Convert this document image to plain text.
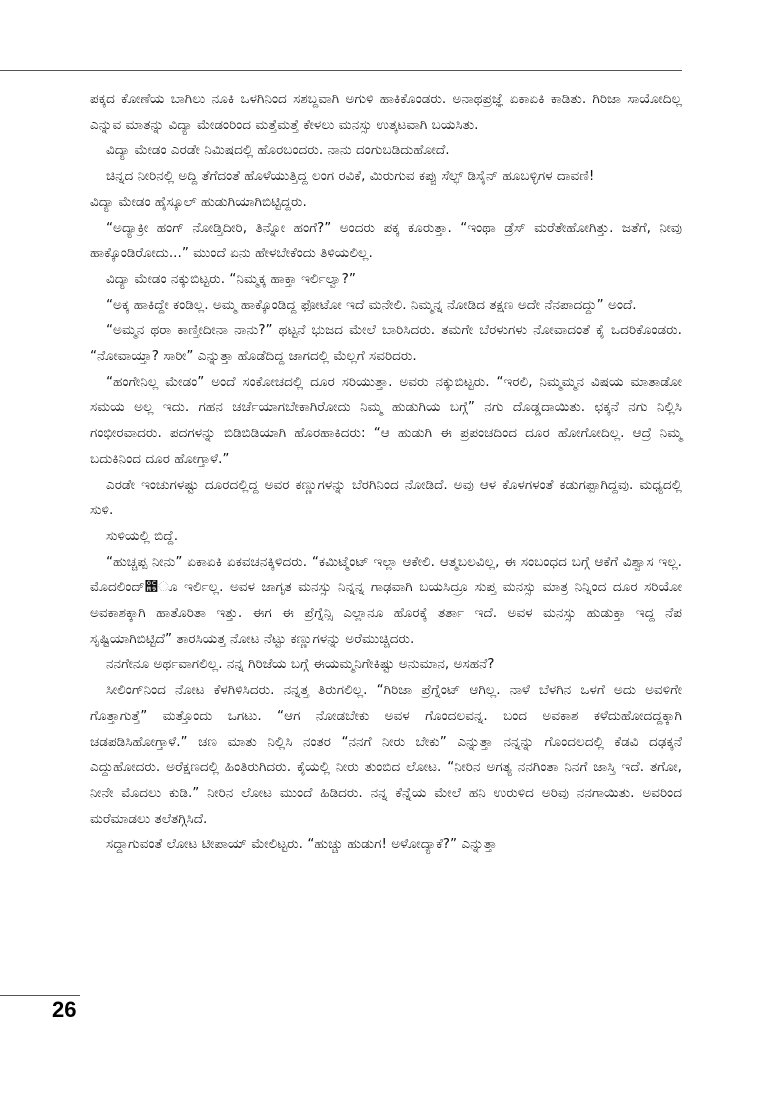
ಪಕ್ಕದ ಕೋಣೆಯ ಬಾಗಿಲು ನೂಕಿ ಒಳಗಿನಿಂದ ಸಶಬ್ದವಾಗಿ ಅಗುಳಿ ಹಾಕಿಕೊಂಡರು. ಅನಾಥಪ್ರಜ್ಞೆ ಏಕಾಏಕಿ ಕಾಡಿತು. ಗಿರಿಜಾ ಸಾಯೋದಿಲ್ಲ ಎನ್ನುವ ಮಾತನ್ನು ವಿದ್ಯಾ ಮೇಡಂರಿಂದ ಮತ್ತೆಮತ್ತೆ ಕೇಳಲು ಮನಸ್ಸು ಉತ್ಕಟವಾಗಿ ಬಯಸಿತು.

ವಿದ್ಯಾ ಮೇಡಂ ಎರಡೇ ನಿಮಿಷದಲ್ಲಿ ಹೊರಬಂದರು. ನಾನು ದಂಗುಬಡಿದುಹೋದೆ.

ಚಿನ್ನದ ನೀರಿನಲ್ಲಿ ಅದ್ದಿ ತೆಗೆದಂತೆ ಹೊಳೆಯುತ್ತಿದ್ದ ಲಂಗ ರವಿಕೆ, ಮಿರುಗುವ ಕಪ್ಪು ಸೆಲ್ಫ್ ಡಿಸೈನ್ ಹೂಬಳ್ಳಿಗಳ ದಾವಣಿ!

ವಿದ್ಯಾ ಮೇಡಂ ಹೈಸ್ಕೂಲ್ ಹುಡುಗಿಯಾಗಿಬಿಟ್ಟಿದ್ದರು.

“ಅದ್ಯಾಕ್ರೀ ಹಂಗ್ ನೋಡ್ತಿದೀರಿ, ತಿನ್ನೋ ಹಂಗೆ?” ಅಂದರು ಪಕ್ಕ ಕೂರುತ್ತಾ. “ಇಂಥಾ ಡ್ರೆಸ್ ಮರೆತೇಹೋಗಿತ್ತು. ಜತೆಗೆ, ನೀವು ಹಾಕ್ಕೊಂಡಿರೋದು...” ಮುಂದೆ ಏನು ಹೇಳಬೇಕೆಂದು ತಿಳಿಯಲಿಲ್ಲ.

ವಿದ್ಯಾ ಮೇಡಂ ನಕ್ಕುಬಿಟ್ಟರು. “ನಿಮ್ಮಕ್ಕ ಹಾಕ್ತಾ ಇರ್ಲಿಲ್ವಾ?”

“ಅಕ್ಕ ಹಾಕಿದ್ದೇ ಕಂಡಿಲ್ಲ. ಅಮ್ಮ ಹಾಕ್ಕೊಂಡಿದ್ದ ಫೋಟೋ ಇದೆ ಮನೇಲಿ. ನಿಮ್ಮನ್ನ ನೋಡಿದ ತಕ್ಷಣ ಅದೇ ನೆನಪಾದದ್ದು” ಅಂದೆ.

“ಅಮ್ಮನ ಥರಾ ಕಾಣ್ತೀದೀನಾ ನಾನು?” ಥಟ್ಟನೆ ಭುಜದ ಮೇಲೆ ಬಾರಿಸಿದರು. ತಮಗೇ ಬೆರಳುಗಳು ನೋವಾದಂತೆ ಕೈ ಒದರಿಕೊಂಡರು. “ನೋವಾಯ್ತಾ? ಸಾರೀ” ಎನ್ನುತ್ತಾ ಹೊಡೆದಿದ್ದ ಜಾಗದಲ್ಲಿ ಮೆಲ್ಲಗೆ ಸವರಿದರು.

“ಹಂಗೇನಿಲ್ಲ ಮೇಡಂ” ಅಂದೆ ಸಂಕೋಚದಲ್ಲಿ ದೂರ ಸರಿಯುತ್ತಾ. ಅವರು ನಕ್ಕುಬಿಟ್ಟರು. “ಇರಲಿ, ನಿಮ್ಮಮ್ಮನ ವಿಷಯ ಮಾತಾಡೋ ಸಮಯ ಅಲ್ಲ ಇದು. ಗಹನ ಚರ್ಚೆಯಾಗಬೇಕಾಗಿರೋದು ನಿಮ್ಮ ಹುಡುಗಿಯ ಬಗ್ಗೆ” ನಗು ದೊಡ್ಡದಾಯಿತು. ಛಕ್ಕನೆ ನಗು ನಿಲ್ಲಿಸಿ ಗಂಭೀರವಾದರು. ಪದಗಳನ್ನು ಬಿಡಿಬಿಡಿಯಾಗಿ ಹೊರಹಾಕಿದರು: “ಆ ಹುಡುಗಿ ಈ ಪ್ರಪಂಚದಿಂದ ದೂರ ಹೋಗೋದಿಲ್ಲ. ಆದ್ರೆ ನಿಮ್ಮ ಬದುಕಿನಿಂದ ದೂರ ಹೋಗ್ತಾಳೆ.”

ಎರಡೇ ಇಂಚುಗಳಷ್ಟು ದೂರದಲ್ಲಿದ್ದ ಅವರ ಕಣ್ಣುಗಳನ್ನು ಬೆರಗಿನಿಂದ ನೋಡಿದೆ. ಅವು ಆಳ ಕೊಳಗಳಂತೆ ಕಡುಗಪ್ಪಾಗಿದ್ದವು. ಮಧ್ಯದಲ್ಲಿ ಸುಳಿ.

ಸುಳಿಯಲ್ಲಿ ಬಿದ್ದೆ.

“ಹುಚ್ಚಪ್ಪ ನೀನು” ಏಕಾಏಕಿ ಏಕವಚನಕ್ಕಿಳಿದರು. “ಕಮಿಟ್ಮೆಂಟ್ ಇಲ್ಲಾ ಆಕೇಲಿ. ಆತ್ಮಬಲವಿಲ್ಲ, ಈ ಸಂಬಂಧದ ಬಗ್ಗೆ ಆಕೆಗೆ ವಿಶ್ವಾಸ ಇಲ್ಲ. ಮೊದಲಿಂದ್಩ೂ ಇರ್ಲಿಲ್ಲ. ಅವಳ ಜಾಗೃತ ಮನಸ್ಸು ನಿನ್ನನ್ನ ಗಾಢವಾಗಿ ಬಯಸಿದ್ರೂ ಸುಪ್ತ ಮನಸ್ಸು ಮಾತ್ರ ನಿನ್ನಿಂದ ದೂರ ಸರಿಯೋ ಅವಕಾಶಕ್ಕಾಗಿ ಹಾತೊರಿತಾ ಇತ್ತು. ಈಗ ಈ ಪ್ರೆಗ್ನೆನ್ಸಿ ಎಲ್ಲಾನೂ ಹೊರಕ್ಕೆ ತರ್ತಾ ಇದೆ. ಅವಳ ಮನಸ್ಸು ಹುಡುಕ್ತಾ ಇದ್ದ ನೆಪ ಸೃಷ್ಟಿಯಾಗಿಬಿಟ್ಟಿದೆ” ತಾರಸಿಯತ್ತ ನೋಟ ನೆಟ್ಟು ಕಣ್ಣುಗಳನ್ನು ಅರೆಮುಚ್ಚಿದರು.

ನನಗೇನೂ ಅರ್ಥವಾಗಲಿಲ್ಲ. ನನ್ನ ಗಿರಿಜೆಯ ಬಗ್ಗೆ ಈಯಮ್ಮನಿಗೇಕಿಷ್ಟು ಅನುಮಾನ, ಅಸಹನೆ?

ಸೀಲಿಂಗ್‌ನಿಂದ ನೋಟ ಕೆಳಗಿಳಿಸಿದರು. ನನ್ನತ್ತ ತಿರುಗಲಿಲ್ಲ. “ಗಿರಿಜಾ ಪ್ರೆಗ್ನೆಂಟ್ ಆಗಿಲ್ಲ. ನಾಳೆ ಬೆಳಗಿನ ಒಳಗೆ ಅದು ಅವಳಿಗೇ ಗೊತ್ತಾಗುತ್ತೆ” ಮತ್ತೊಂದು ಒಗಟು. “ಆಗ ನೋಡಬೇಕು ಅವಳ ಗೊಂದಲವನ್ನ. ಬಂದ ಅವಕಾಶ ಕಳೆದುಹೋದದ್ದಕ್ಕಾಗಿ ಚಡಪಡಿಸಿಹೋಗ್ತಾಳೆ.” ಚಣ ಮಾತು ನಿಲ್ಲಿಸಿ ನಂತರ “ನನಗೆ ನೀರು ಬೇಕು” ಎನ್ನುತ್ತಾ ನನ್ನನ್ನು ಗೊಂದಲದಲ್ಲಿ ಕೆಡವಿ ದಢಕ್ಕನೆ ಎದ್ದುಹೋದರು. ಅರೆಕ್ಷಣದಲ್ಲಿ ಹಿಂತಿರುಗಿದರು. ಕೈಯಲ್ಲಿ ನೀರು ತುಂಬಿದ ಲೋಟ. “ನೀರಿನ ಅಗತ್ಯ ನನಗಿಂತಾ ನಿನಗೆ ಜಾಸ್ತಿ ಇದೆ. ತಗೋ, ನೀನೇ ಮೊದಲು ಕುಡಿ.” ನೀರಿನ ಲೋಟ ಮುಂದೆ ಹಿಡಿದರು. ನನ್ನ ಕೆನ್ನೆಯ ಮೇಲೆ ಹನಿ ಉರುಳಿದ ಅರಿವು ನನಗಾಯಿತು. ಅವರಿಂದ ಮರೆಮಾಡಲು ತಲೆತಗ್ಗಿಸಿದೆ.

ಸದ್ದಾಗುವಂತೆ ಲೋಟ ಟೀಪಾಯ್ ಮೇಲಿಟ್ಟರು. “ಹುಚ್ಚು ಹುಡುಗ! ಅಳೋದ್ಯಾಕೆ?” ಎನ್ನುತ್ತಾ

26
